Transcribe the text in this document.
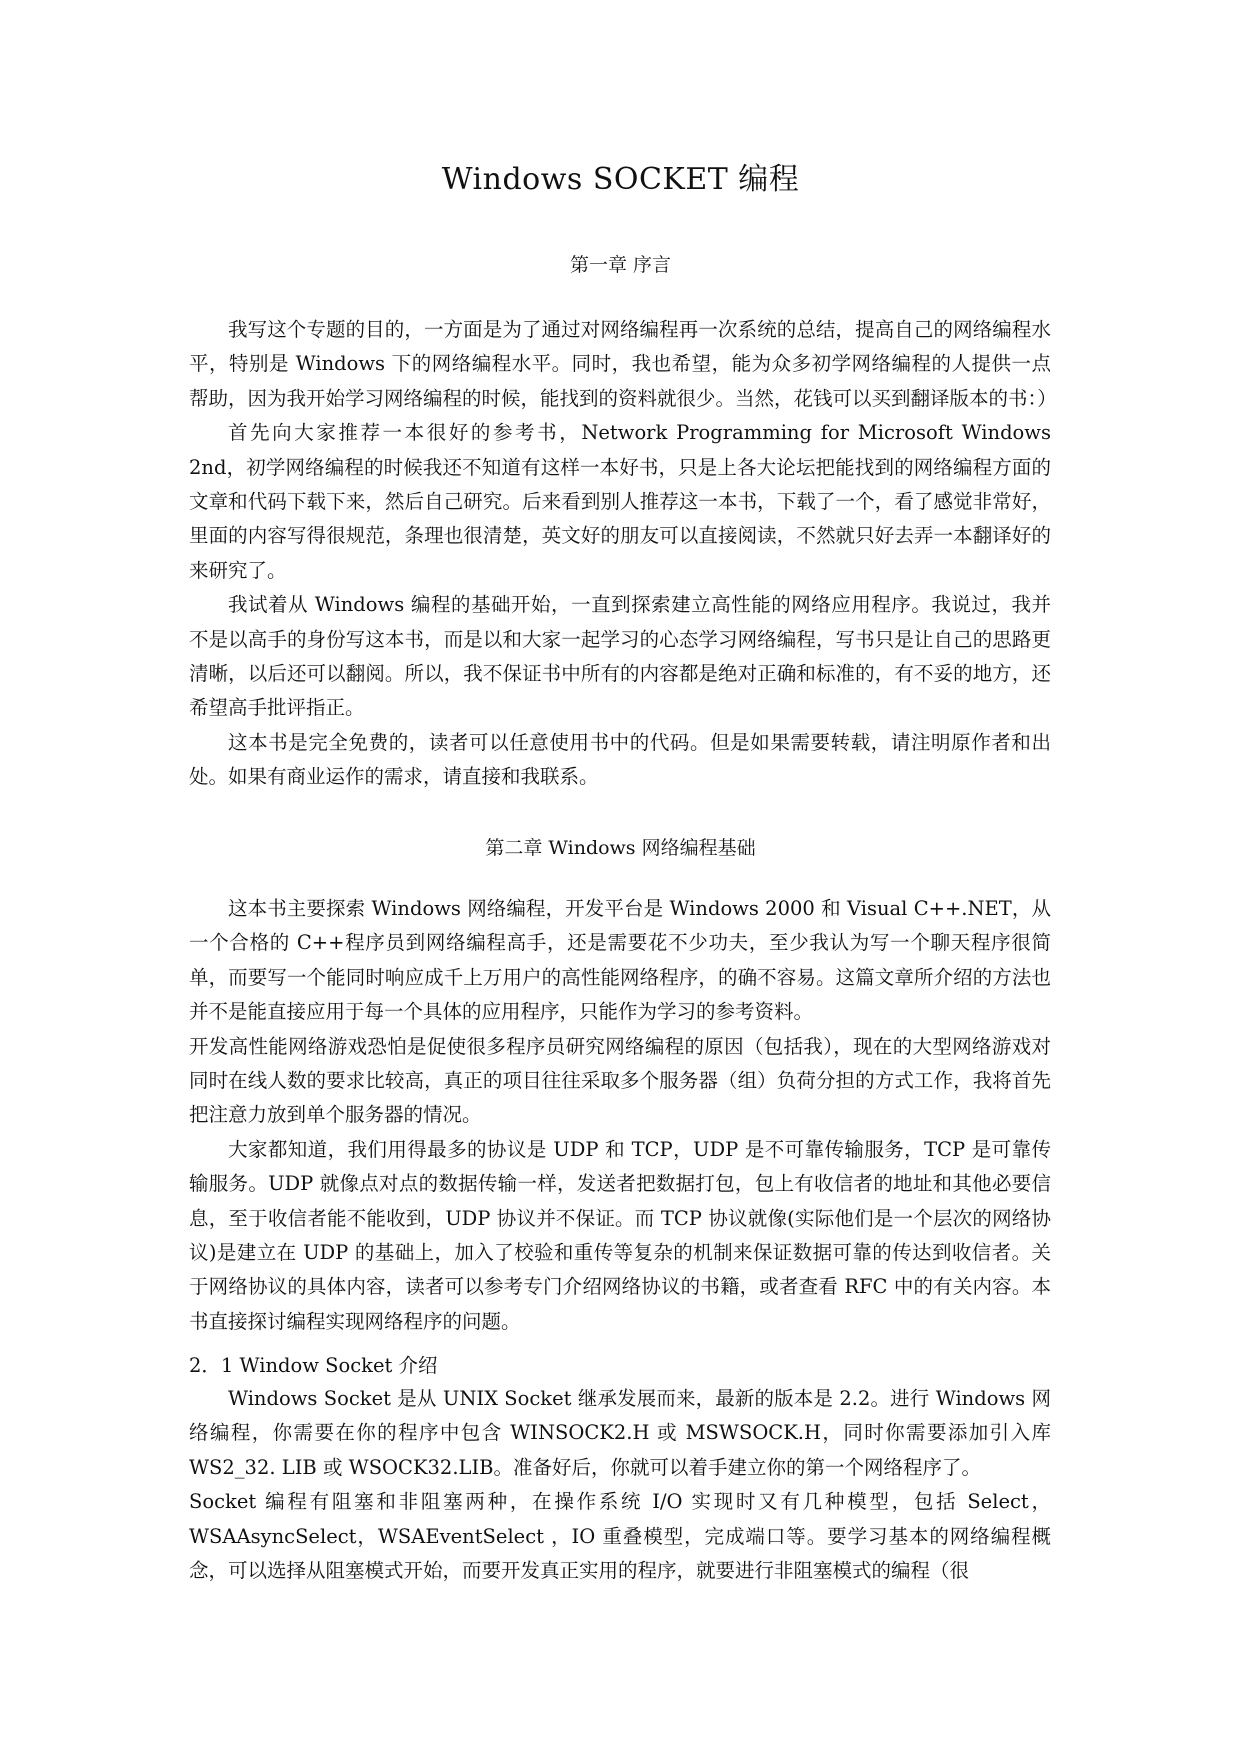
Windows SOCKET 编程
第一章 序言

我写这个专题的目的，一方面是为了通过对网络编程再一次系统的总结，提高自己的网络编程水平，特别是 Windows 下的网络编程水平。同时，我也希望，能为众多初学网络编程的人提供一点帮助，因为我开始学习网络编程的时候，能找到的资料就很少。当然，花钱可以买到翻译版本的书：）

首先向大家推荐一本很好的参考书，Network Programming for Microsoft Windows 2nd，初学网络编程的时候我还不知道有这样一本好书，只是上各大论坛把能找到的网络编程方面的文章和代码下载下来，然后自己研究。后来看到别人推荐这一本书，下载了一个，看了感觉非常好，里面的内容写得很规范，条理也很清楚，英文好的朋友可以直接阅读，不然就只好去弄一本翻译好的来研究了。

我试着从 Windows 编程的基础开始，一直到探索建立高性能的网络应用程序。我说过，我并不是以高手的身份写这本书，而是以和大家一起学习的心态学习网络编程，写书只是让自己的思路更清晰，以后还可以翻阅。所以，我不保证书中所有的内容都是绝对正确和标准的，有不妥的地方，还希望高手批评指正。

这本书是完全免费的，读者可以任意使用书中的代码。但是如果需要转载，请注明原作者和出处。如果有商业运作的需求，请直接和我联系。

第二章 Windows 网络编程基础

这本书主要探索 Windows 网络编程，开发平台是 Windows 2000 和 Visual C++.NET，从一个合格的 C++程序员到网络编程高手，还是需要花不少功夫，至少我认为写一个聊天程序很简单，而要写一个能同时响应成千上万用户的高性能网络程序，的确不容易。这篇文章所介绍的方法也并不是能直接应用于每一个具体的应用程序，只能作为学习的参考资料。

开发高性能网络游戏恐怕是促使很多程序员研究网络编程的原因（包括我），现在的大型网络游戏对同时在线人数的要求比较高，真正的项目往往采取多个服务器（组）负荷分担的方式工作，我将首先把注意力放到单个服务器的情况。

大家都知道，我们用得最多的协议是 UDP 和 TCP，UDP 是不可靠传输服务，TCP 是可靠传输服务。UDP 就像点对点的数据传输一样，发送者把数据打包，包上有收信者的地址和其他必要信息，至于收信者能不能收到，UDP 协议并不保证。而 TCP 协议就像(实际他们是一个层次的网络协议)是建立在 UDP 的基础上，加入了校验和重传等复杂的机制来保证数据可靠的传达到收信者。关于网络协议的具体内容，读者可以参考专门介绍网络协议的书籍，或者查看 RFC 中的有关内容。本书直接探讨编程实现网络程序的问题。

2．1 Window Socket 介绍

Windows Socket 是从 UNIX Socket 继承发展而来，最新的版本是 2.2。进行 Windows 网络编程，你需要在你的程序中包含 WINSOCK2.H 或 MSWSOCK.H，同时你需要添加引入库 WS2_32. LIB 或 WSOCK32.LIB。准备好后，你就可以着手建立你的第一个网络程序了。

Socket 编程有阻塞和非阻塞两种，在操作系统 I/O 实现时又有几种模型，包括 Select，WSAAsyncSelect，WSAEventSelect ，IO 重叠模型，完成端口等。要学习基本的网络编程概念，可以选择从阻塞模式开始，而要开发真正实用的程序，就要进行非阻塞模式的编程（很
